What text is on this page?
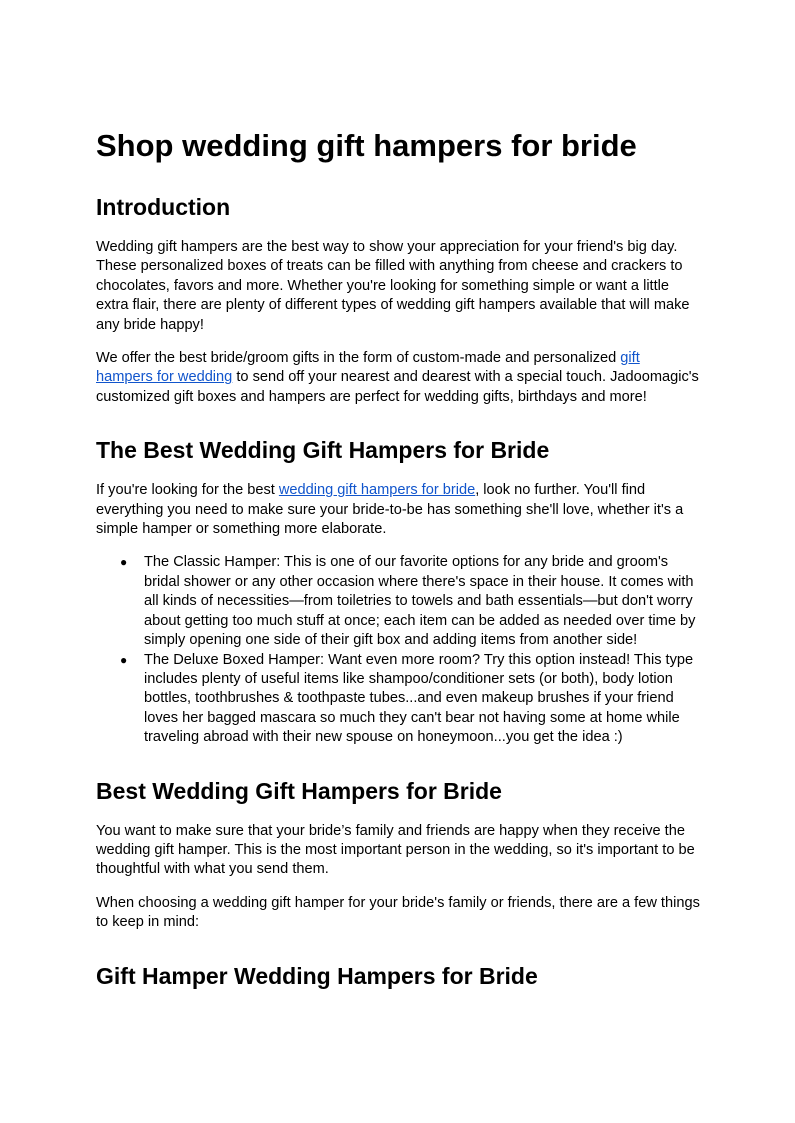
Shop wedding gift hampers for bride
Introduction

Wedding gift hampers are the best way to show your appreciation for your friend's big day. These personalized boxes of treats can be filled with anything from cheese and crackers to chocolates, favors and more. Whether you're looking for something simple or want a little extra flair, there are plenty of different types of wedding gift hampers available that will make any bride happy!

We offer the best bride/groom gifts in the form of custom-made and personalized gift hampers for wedding to send off your nearest and dearest with a special touch. Jadoomagic's customized gift boxes and hampers are perfect for wedding gifts, birthdays and more!

The Best Wedding Gift Hampers for Bride

If you're looking for the best wedding gift hampers for bride, look no further. You'll find everything you need to make sure your bride-to-be has something she'll love, whether it's a simple hamper or something more elaborate.

● The Classic Hamper: This is one of our favorite options for any bride and groom's bridal shower or any other occasion where there's space in their house. It comes with all kinds of necessities—from toiletries to towels and bath essentials—but don't worry about getting too much stuff at once; each item can be added as needed over time by simply opening one side of their gift box and adding items from another side!
● The Deluxe Boxed Hamper: Want even more room? Try this option instead! This type includes plenty of useful items like shampoo/conditioner sets (or both), body lotion bottles, toothbrushes & toothpaste tubes...and even makeup brushes if your friend loves her bagged mascara so much they can't bear not having some at home while traveling abroad with their new spouse on honeymoon...you get the idea :)
Best Wedding Gift Hampers for Bride

You want to make sure that your bride’s family and friends are happy when they receive the wedding gift hamper. This is the most important person in the wedding, so it's important to be thoughtful with what you send them.

When choosing a wedding gift hamper for your bride's family or friends, there are a few things to keep in mind:

Gift Hamper Wedding Hampers for Bride
